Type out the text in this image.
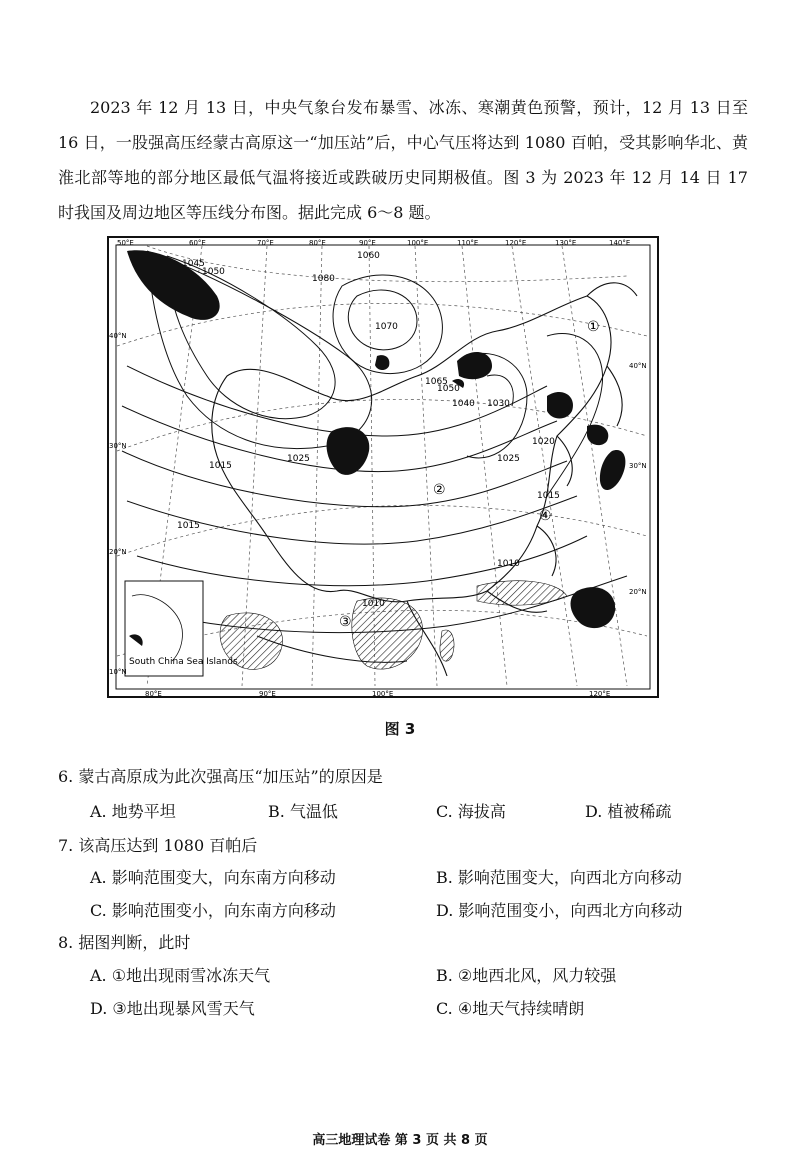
2023 年 12 月 13 日，中央气象台发布暴雪、冰冻、寒潮黄色预警，预计，12 月 13 日至 16 日，一股强高压经蒙古高原这一“加压站”后，中心气压将达到 1080 百帕，受其影响华北、黄淮北部等地的部分地区最低气温将接近或跌破历史同期极值。图 3 为 2023 年 12 月 14 日 17 时我国及周边地区等压线分布图。据此完成 6～8 题。

South China Sea Islands
50°E	60°E	70°E	80°E	90°E	100°E	110°E	120°E	130°E	140°E
80°E	90°E	100°E	120°E
40°N
30°N
20°N
10°N
40°N
30°N
20°N
1045
1050
1060
1080
1070
1065
1050
1040 1030
1020
1025
1015
1015
1010
1015
1025
1010
①
②
③
④
图 3
6. 蒙古高原成为此次强高压“加压站”的原因是
A. 地势平坦	B. 气温低	C. 海拔高	D. 植被稀疏
7. 该高压达到 1080 百帕后
A. 影响范围变大，向东南方向移动	B. 影响范围变大，向西北方向移动
C. 影响范围变小，向东南方向移动	D. 影响范围变小，向西北方向移动
8. 据图判断，此时
A. ①地出现雨雪冰冻天气	B. ②地西北风，风力较强
D. ③地出现暴风雪天气	C. ④地天气持续晴朗
高三地理试卷 第 3 页 共 8 页
